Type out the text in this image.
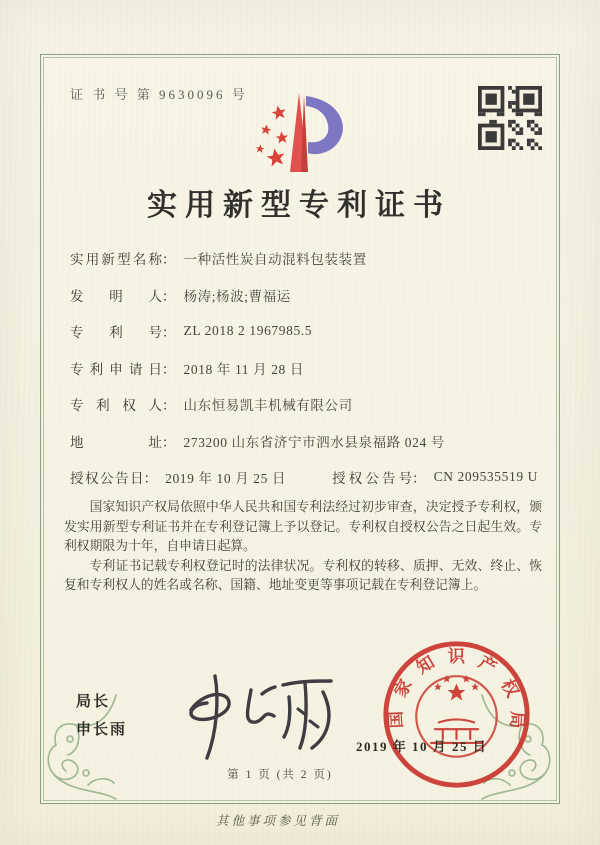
证 书 号 第 9630096 号
实用新型专利证书
实用新型名称 ： 一种活性炭自动混料包装装置
发明人 ： 杨涛;杨波;曹福运
专利号 ： ZL 2018 2 1967985.5
专利申请日 ： 2018 年 11 月 28 日
专利权人 ： 山东恒易凯丰机械有限公司
地址 ： 273200 山东省济宁市泗水县泉福路 024 号
授权公告日 ： 2019 年 10 月 25 日	授权公告号 ： CN 209535519 U

国家知识产权局依照中华人民共和国专利法经过初步审查，决定授予专利权，颁发实用新型专利证书并在专利登记簿上予以登记。专利权自授权公告之日起生效。专利权期限为十年，自申请日起算。

专利证书记载专利权登记时的法律状况。专利权的转移、质押、无效、终止、恢复和专利权人的姓名或名称、国籍、地址变更等事项记载在专利登记簿上。

局长
申长雨
国家知识产权局
2019 年 10 月 25 日
第 1 页 (共 2 页)
其他事项参见背面
